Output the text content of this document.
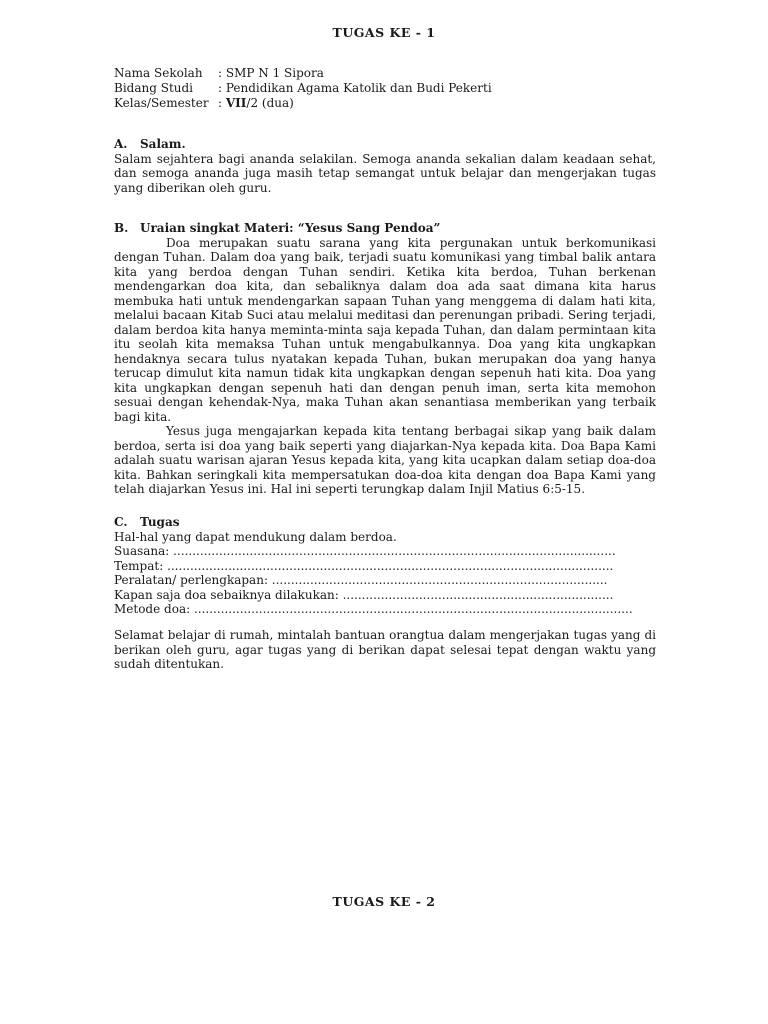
TUGAS KE - 1
Nama Sekolah	: SMP N 1 Sipora
Bidang Studi	: Pendidikan Agama Katolik dan Budi Pekerti
Kelas/Semester : VII/2 (dua)
A.	Salam.
Salam sejahtera bagi ananda selakilan. Semoga ananda sekalian dalam keadaan sehat, dan semoga ananda juga masih tetap semangat untuk belajar dan mengerjakan tugas yang diberikan oleh guru.
B. Uraian singkat Materi: “Yesus Sang Pendoa”
Doa merupakan suatu sarana yang kita pergunakan untuk berkomunikasi dengan Tuhan. Dalam doa yang baik, terjadi suatu komunikasi yang timbal balik antara kita yang berdoa dengan Tuhan sendiri. Ketika kita berdoa, Tuhan berkenan mendengarkan doa kita, dan sebaliknya dalam doa ada saat dimana kita harus membuka hati untuk mendengarkan sapaan Tuhan yang menggema di dalam hati kita, melalui bacaan Kitab Suci atau melalui meditasi dan perenungan pribadi. Sering terjadi, dalam berdoa kita hanya meminta-minta saja kepada Tuhan, dan dalam permintaan kita itu seolah kita memaksa Tuhan untuk mengabulkannya. Doa yang kita ungkapkan hendaknya secara tulus nyatakan kepada Tuhan, bukan merupakan doa yang hanya terucap dimulut kita namun tidak kita ungkapkan dengan sepenuh hati kita. Doa yang kita ungkapkan dengan sepenuh hati dan dengan penuh iman, serta kita memohon sesuai dengan kehendak-Nya, maka Tuhan akan senantiasa memberikan yang terbaik bagi kita.
Yesus juga mengajarkan kepada kita tentang berbagai sikap yang baik dalam berdoa, serta isi doa yang baik seperti yang diajarkan-Nya kepada kita. Doa Bapa Kami adalah suatu warisan ajaran Yesus kepada kita, yang kita ucapkan dalam setiap doa-doa kita. Bahkan seringkali kita mempersatukan doa-doa kita dengan doa Bapa Kami yang telah diajarkan Yesus ini. Hal ini seperti terungkap dalam Injil Matius 6:5-15.
C.	Tugas
Hal-hal yang dapat mendukung dalam berdoa.
Suasana: ....................................................................................................................
Tempat: .....................................................................................................................
Peralatan/ perlengkapan: ........................................................................................
Kapan saja doa sebaiknya dilakukan: .......................................................................
Metode doa: ...................................................................................................................
Selamat belajar di rumah, mintalah bantuan orangtua dalam mengerjakan tugas yang di berikan oleh guru, agar tugas yang di berikan dapat selesai tepat dengan waktu yang sudah ditentukan.
TUGAS KE - 2
